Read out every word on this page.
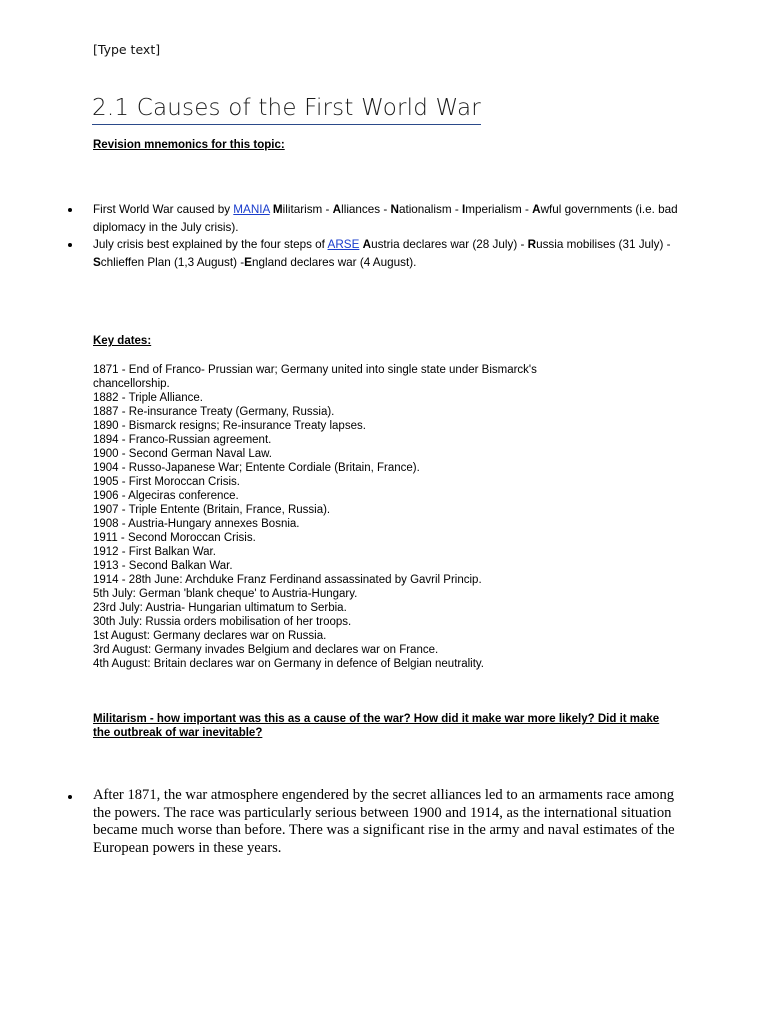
[Type text]
2.1 Causes of the First World War
Revision mnemonics for this topic:
First World War caused by MANIA Militarism - Alliances - Nationalism - Imperialism - Awful governments (i.e. bad diplomacy in the July crisis).
July crisis best explained by the four steps of ARSE Austria declares war (28 July) - Russia mobilises (31 July) - Schlieffen Plan (1,3 August) -England declares war (4 August).
Key dates:
1871 - End of Franco- Prussian war; Germany united into single state under Bismarck's chancellorship.
1882 - Triple Alliance.
1887 - Re-insurance Treaty (Germany, Russia).
1890 - Bismarck resigns; Re-insurance Treaty lapses.
1894 - Franco-Russian agreement.
1900 - Second German Naval Law.
1904 - Russo-Japanese War; Entente Cordiale (Britain, France).
1905 - First Moroccan Crisis.
1906 - Algeciras conference.
1907 - Triple Entente (Britain, France, Russia).
1908 - Austria-Hungary annexes Bosnia.
1911 - Second Moroccan Crisis.
1912 - First Balkan War.
1913 - Second Balkan War.
1914 - 28th June: Archduke Franz Ferdinand assassinated by Gavril Princip.
5th July: German 'blank cheque' to Austria-Hungary.
23rd July: Austria- Hungarian ultimatum to Serbia.
30th July: Russia orders mobilisation of her troops.
1st August: Germany declares war on Russia.
3rd August: Germany invades Belgium and declares war on France.
4th August: Britain declares war on Germany in defence of Belgian neutrality.
Militarism - how important was this as a cause of the war? How did it make war more likely? Did it make the outbreak of war inevitable?
After 1871, the war atmosphere engendered by the secret alliances led to an armaments race among the powers. The race was particularly serious between 1900 and 1914, as the international situation became much worse than before. There was a significant rise in the army and naval estimates of the European powers in these years.
